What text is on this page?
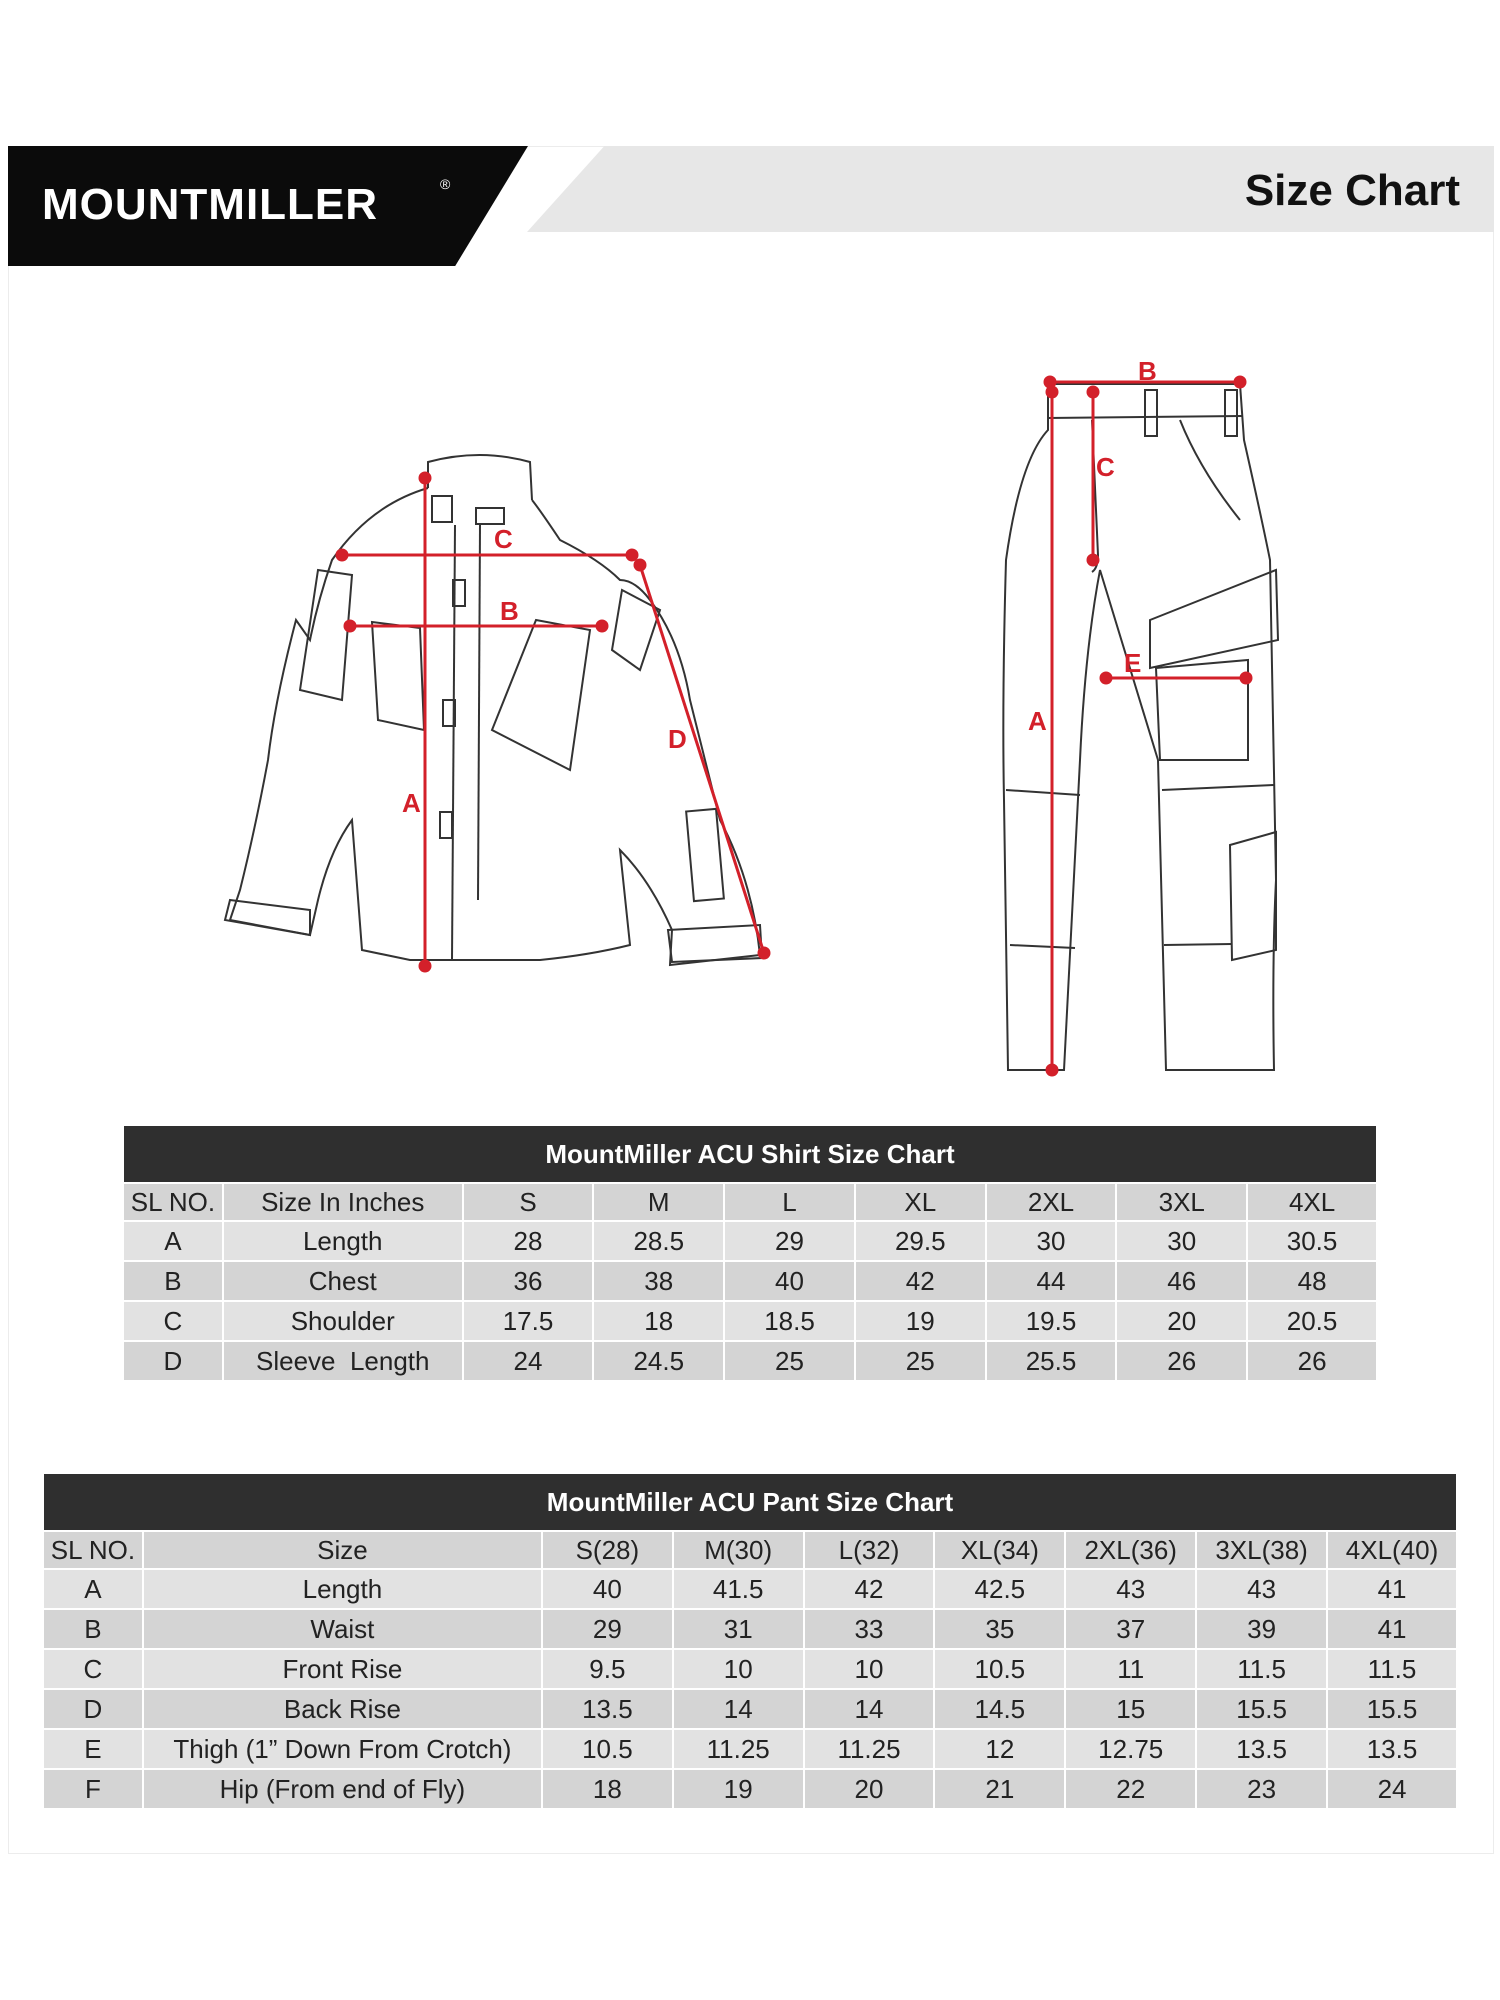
MOUNTMILLER	®	Size Chart
A
B
C
D
A
B
C
E
MountMiller ACU Shirt Size Chart								
SL NO.	Size In Inches	S	M	L	XL	2XL	3XL	4XL
A	Length	28	28.5	29	29.5	30	30	30.5
B	Chest	36	38	40	42	44	46	48
C	Shoulder	17.5	18	18.5	19	19.5	20	20.5
D	Sleeve  Length	24	24.5	25	25	25.5	26	26
MountMiller ACU Pant Size Chart								
SL NO.	Size	S(28)	M(30)	L(32)	XL(34)	2XL(36)	3XL(38)	4XL(40)
A	Length	40	41.5	42	42.5	43	43	41
B	Waist	29	31	33	35	37	39	41
C	Front Rise	9.5	10	10	10.5	11	11.5	11.5
D	Back Rise	13.5	14	14	14.5	15	15.5	15.5
E	Thigh (1” Down From Crotch)	10.5	11.25	11.25	12	12.75	13.5	13.5
F	Hip (From end of Fly)	18	19	20	21	22	23	24
